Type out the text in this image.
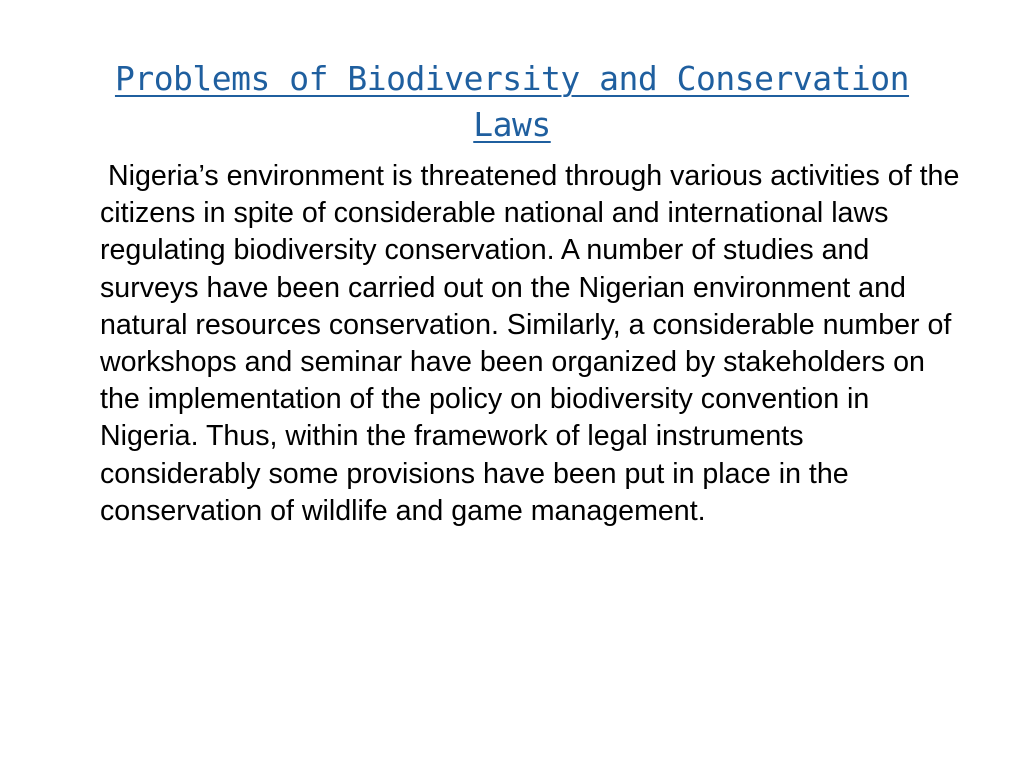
Problems of Biodiversity and Conservation Laws

Nigeria’s environment is threatened through various activities of the citizens in spite of considerable national and international laws regulating biodiversity conservation. A number of studies and surveys have been carried out on the Nigerian environment and natural resources conservation. Similarly, a considerable number of workshops and seminar have been organized by stakeholders on the implementation of the policy on biodiversity convention in Nigeria. Thus, within the framework of legal instruments considerably some provisions have been put in place in the conservation of wildlife and game management.
